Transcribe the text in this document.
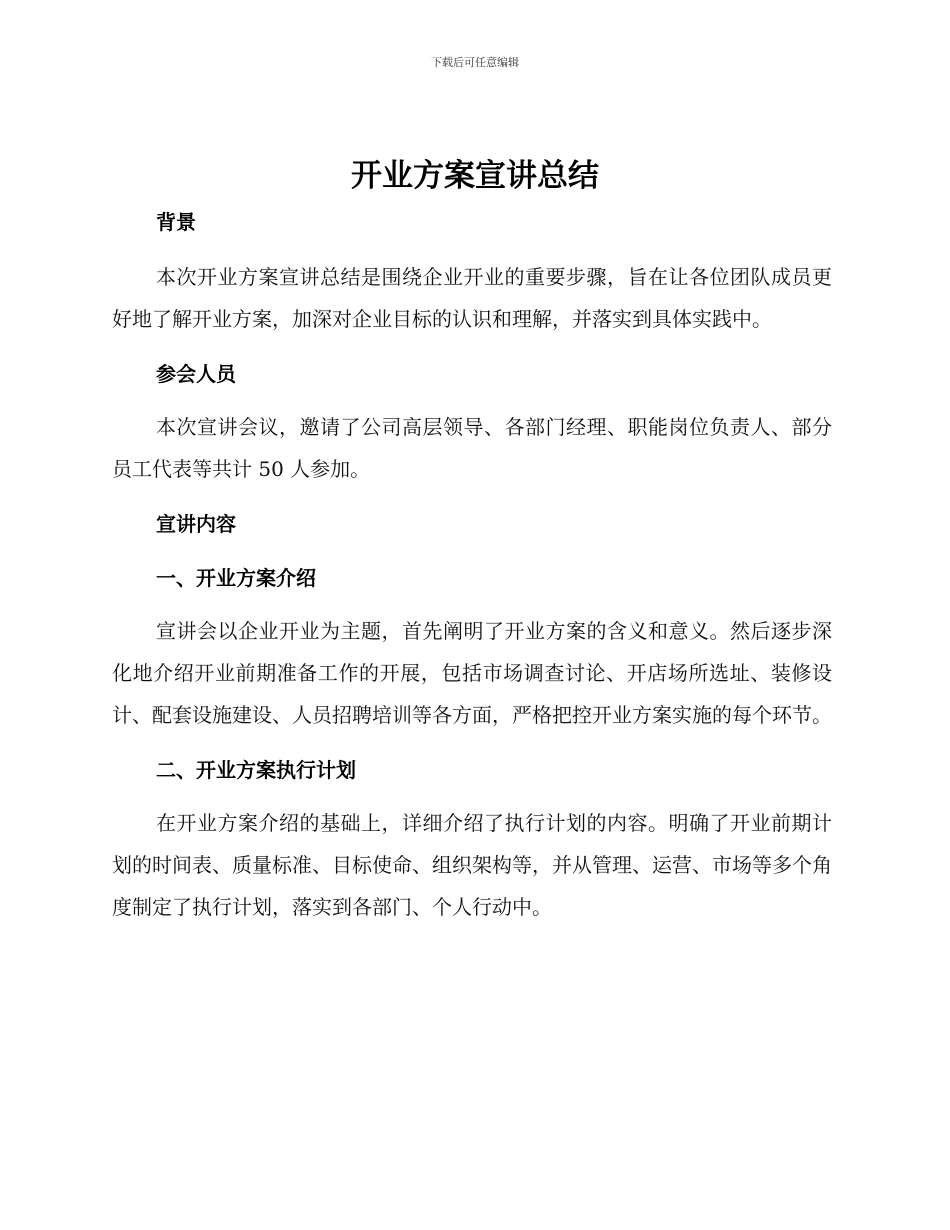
下载后可任意编辑
开业方案宣讲总结
背景

本次开业方案宣讲总结是围绕企业开业的重要步骤，旨在让各位团队成员更好地了解开业方案，加深对企业目标的认识和理解，并落实到具体实践中。

参会人员

本次宣讲会议，邀请了公司高层领导、各部门经理、职能岗位负责人、部分员工代表等共计 50 人参加。

宣讲内容
一、开业方案介绍

宣讲会以企业开业为主题，首先阐明了开业方案的含义和意义。然后逐步深化地介绍开业前期准备工作的开展，包括市场调查讨论、开店场所选址、装修设计、配套设施建设、人员招聘培训等各方面，严格把控开业方案实施的每个环节。

二、开业方案执行计划

在开业方案介绍的基础上，详细介绍了执行计划的内容。明确了开业前期计划的时间表、质量标准、目标使命、组织架构等，并从管理、运营、市场等多个角度制定了执行计划，落实到各部门、个人行动中。
